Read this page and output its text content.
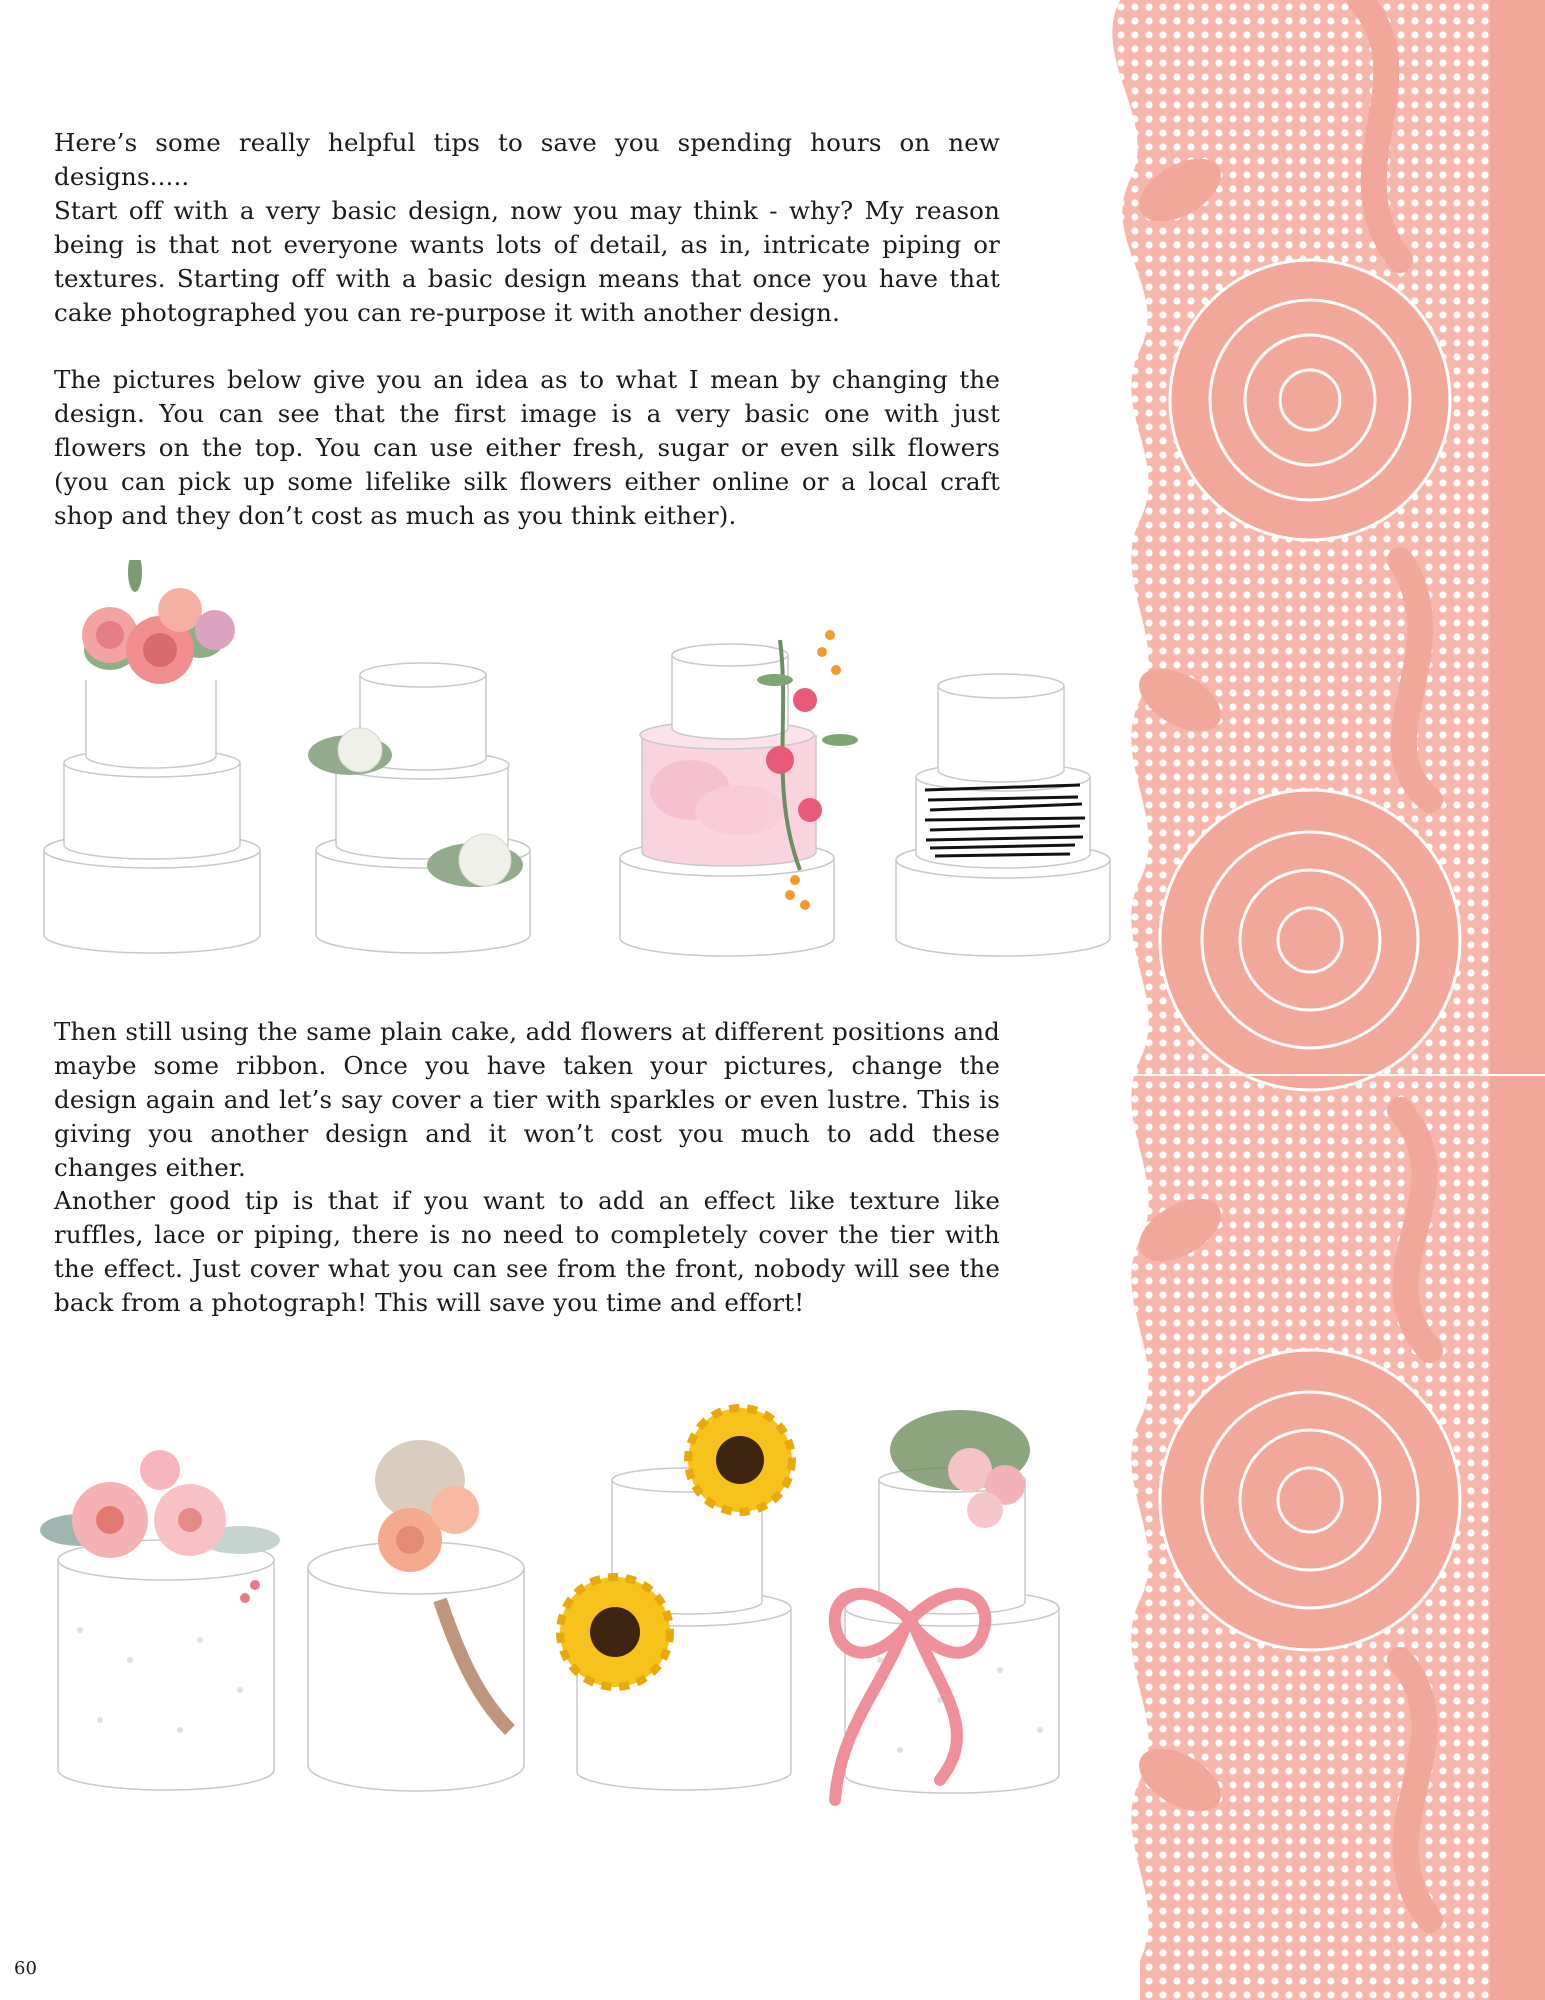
Here’s some really helpful tips to save you spending hours on new designs.....

Start off with a very basic design, now you may think - why? My reason being is that not everyone wants lots of detail, as in, intricate piping or textures. Starting off with a basic design means that once you have that cake photographed you can re-purpose it with another design.

The pictures below give you an idea as to what I mean by changing the design. You can see that the first image is a very basic one with just flowers on the top. You can use either fresh, sugar or even silk flowers (you can pick up some lifelike silk flowers either online or a local craft shop and they don’t cost as much as you think either).

Then still using the same plain cake, add flowers at different positions and maybe some ribbon. Once you have taken your pictures, change the design again and let’s say cover a tier with sparkles or even lustre. This is giving you another design and it won’t cost you much to add these changes either.

Another good tip is that if you want to add an effect like texture like ruffles, lace or piping, there is no need to completely cover the tier with the effect. Just cover what you can see from the front, nobody will see the back from a photograph! This will save you time and effort!

60
